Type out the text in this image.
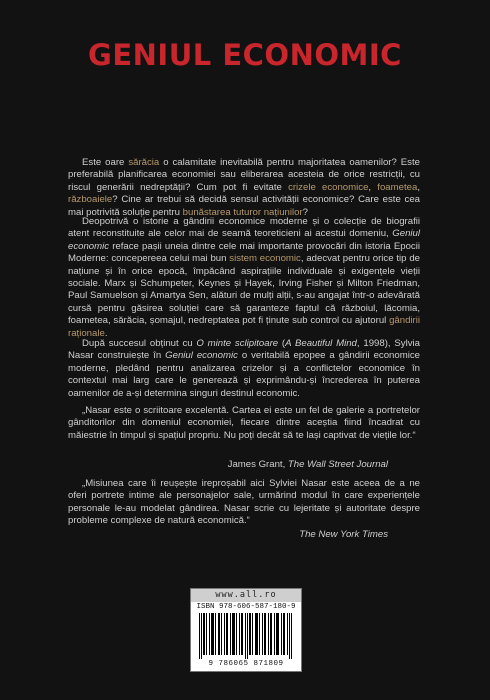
GENIUL ECONOMIC

Este oare sărăcia o calamitate inevitabilă pentru majoritatea oamenilor? Este preferabilă planificarea economiei sau eliberarea acesteia de orice restricții, cu riscul generării nedreptății? Cum pot fi evitate crizele economice, foametea, războaiele? Cine ar trebui să decidă sensul activității economice? Care este cea mai potrivită soluție pentru bunăstarea tuturor națiunilor?

Deopotrivă o istorie a gândirii economice moderne și o colecție de biografii atent reconstituite ale celor mai de seamă teoreticieni ai acestui domeniu, Geniul economic reface pașii uneia dintre cele mai importante provocări din istoria Epocii Moderne: concepereea celui mai bun sistem economic, adecvat pentru orice tip de națiune și în orice epocă, împăcând aspirațiile individuale și exigențele vieții sociale. Marx și Schumpeter, Keynes și Hayek, Irving Fisher și Milton Friedman, Paul Samuelson și Amartya Sen, alături de mulți alții, s-au angajat într-o adevărată cursă pentru găsirea soluției care să garanteze faptul că războiul, lăcomia, foametea, sărăcia, șomajul, nedreptatea pot fi ținute sub control cu ajutorul gândirii raționale.

După succesul obținut cu O minte sclipitoare (A Beautiful Mind, 1998), Sylvia Nasar construiește în Geniul economic o veritabilă epopee a gândirii economice moderne, pledând pentru analizarea crizelor și a conflictelor economice în contextul mai larg care le generează și exprimându-și încrederea în puterea oamenilor de a-și determina singuri destinul economic.

„Nasar este o scriitoare excelentă. Cartea ei este un fel de galerie a portretelor gânditorilor din domeniul economiei, fiecare dintre aceștia fiind încadrat cu măiestrie în timpul și spațiul propriu. Nu poți decât să te lași captivat de viețile lor.“

James Grant, The Wall Street Journal

„Misiunea care îi reușește ireproșabil aici Sylviei Nasar este aceea de a ne oferi portrete intime ale personajelor sale, urmărind modul în care experiențele personale le-au modelat gândirea. Nasar scrie cu lejeritate și autoritate despre probleme complexe de natură economică.“

The New York Times

www.all.ro
ISBN 978-606-587-180-9
9 786065 871809
